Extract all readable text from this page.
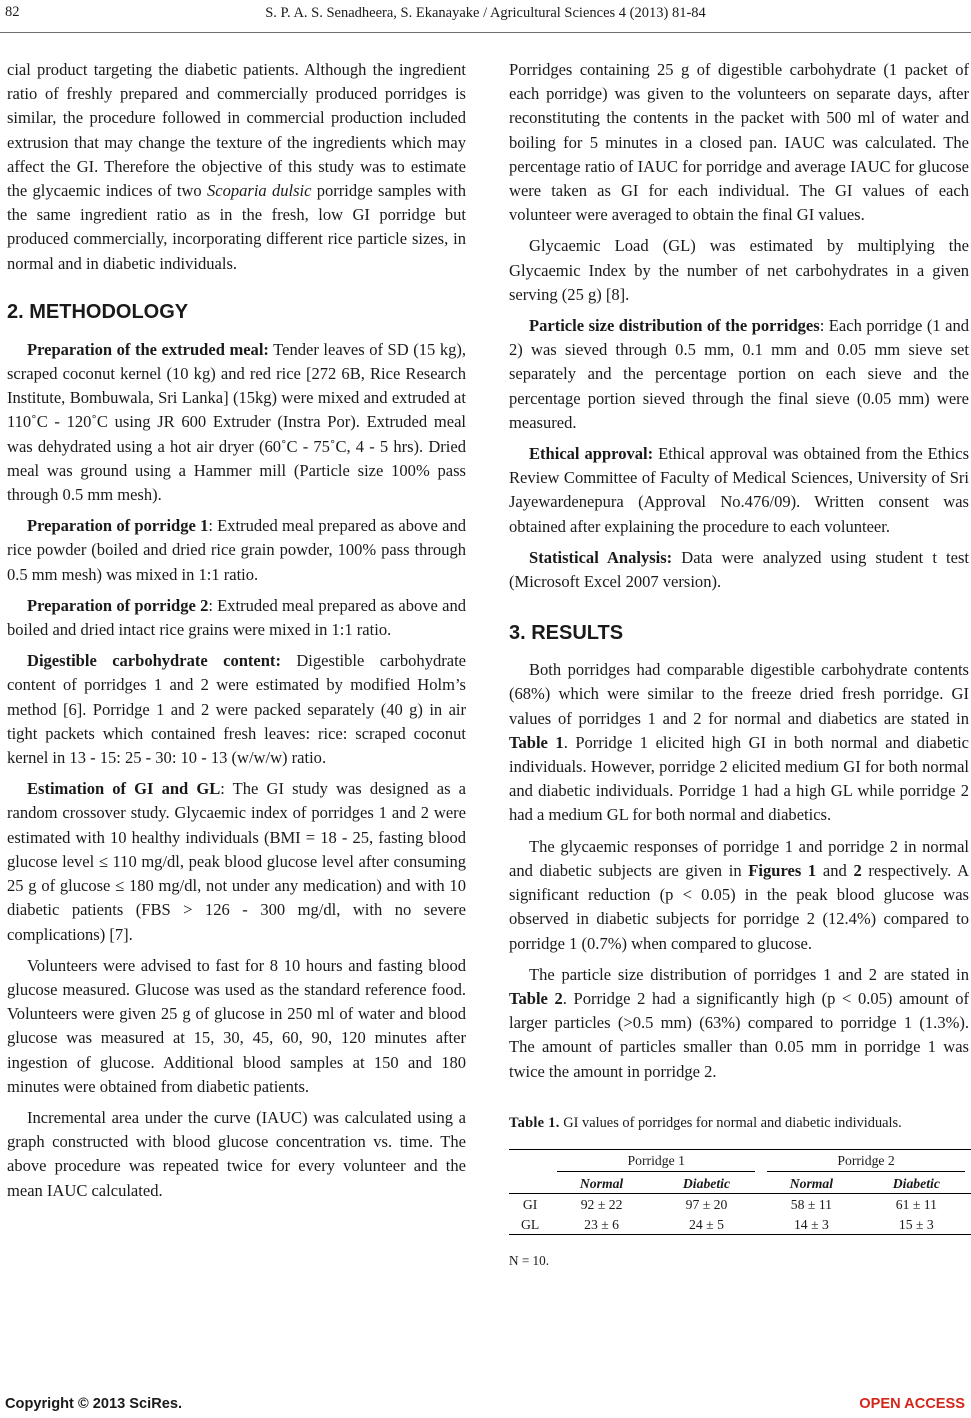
82	S. P. A. S. Senadheera, S. Ekanayake / Agricultural Sciences 4 (2013) 81-84

cial product targeting the diabetic patients. Although the ingredient ratio of freshly prepared and commercially produced porridges is similar, the procedure followed in commercial production included extrusion that may change the texture of the ingredients which may affect the GI. Therefore the objective of this study was to estimate the glycaemic indices of two Scoparia dulsic porridge samples with the same ingredient ratio as in the fresh, low GI porridge but produced commercially, incorporating different rice particle sizes, in normal and in diabetic individuals.

2. METHODOLOGY

Preparation of the extruded meal: Tender leaves of SD (15 kg), scraped coconut kernel (10 kg) and red rice [272 6B, Rice Research Institute, Bombuwala, Sri Lanka] (15kg) were mixed and extruded at 110˚C - 120˚C using JR 600 Extruder (Instra Por). Extruded meal was dehydrated using a hot air dryer (60˚C - 75˚C, 4 - 5 hrs). Dried meal was ground using a Hammer mill (Particle size 100% pass through 0.5 mm mesh).

Preparation of porridge 1: Extruded meal prepared as above and rice powder (boiled and dried rice grain powder, 100% pass through 0.5 mm mesh) was mixed in 1:1 ratio.

Preparation of porridge 2: Extruded meal prepared as above and boiled and dried intact rice grains were mixed in 1:1 ratio.

Digestible carbohydrate content: Digestible carbohydrate content of porridges 1 and 2 were estimated by modified Holm’s method [6]. Porridge 1 and 2 were packed separately (40 g) in air tight packets which contained fresh leaves: rice: scraped coconut kernel in 13 - 15: 25 - 30: 10 - 13 (w/w/w) ratio.

Estimation of GI and GL: The GI study was designed as a random crossover study. Glycaemic index of porridges 1 and 2 were estimated with 10 healthy individuals (BMI = 18 - 25, fasting blood glucose level ≤ 110 mg/dl, peak blood glucose level after consuming 25 g of glucose ≤ 180 mg/dl, not under any medication) and with 10 diabetic patients (FBS > 126 - 300 mg/dl, with no severe complications) [7].

Volunteers were advised to fast for 8 10 hours and fasting blood glucose measured. Glucose was used as the standard reference food. Volunteers were given 25 g of glucose in 250 ml of water and blood glucose was measured at 15, 30, 45, 60, 90, 120 minutes after ingestion of glucose. Additional blood samples at 150 and 180 minutes were obtained from diabetic patients.

Incremental area under the curve (IAUC) was calculated using a graph constructed with blood glucose concentration vs. time. The above procedure was repeated twice for every volunteer and the mean IAUC calculated.

Porridges containing 25 g of digestible carbohydrate (1 packet of each porridge) was given to the volunteers on separate days, after reconstituting the contents in the packet with 500 ml of water and boiling for 5 minutes in a closed pan. IAUC was calculated. The percentage ratio of IAUC for porridge and average IAUC for glucose were taken as GI for each individual. The GI values of each volunteer were averaged to obtain the final GI values.

Glycaemic Load (GL) was estimated by multiplying the Glycaemic Index by the number of net carbohydrates in a given serving (25 g) [8].

Particle size distribution of the porridges: Each porridge (1 and 2) was sieved through 0.5 mm, 0.1 mm and 0.05 mm sieve set separately and the percentage portion on each sieve and the percentage portion sieved through the final sieve (0.05 mm) were measured.

Ethical approval: Ethical approval was obtained from the Ethics Review Committee of Faculty of Medical Sciences, University of Sri Jayewardenepura (Approval No.476/09). Written consent was obtained after explaining the procedure to each volunteer.

Statistical Analysis: Data were analyzed using student t test (Microsoft Excel 2007 version).

3. RESULTS

Both porridges had comparable digestible carbohydrate contents (68%) which were similar to the freeze dried fresh porridge. GI values of porridges 1 and 2 for normal and diabetics are stated in Table 1. Porridge 1 elicited high GI in both normal and diabetic individuals. However, porridge 2 elicited medium GI for both normal and diabetic individuals. Porridge 1 had a high GL while porridge 2 had a medium GL for both normal and diabetics.

The glycaemic responses of porridge 1 and porridge 2 in normal and diabetic subjects are given in Figures 1 and 2 respectively. A significant reduction (p < 0.05) in the peak blood glucose was observed in diabetic subjects for porridge 2 (12.4%) compared to porridge 1 (0.7%) when compared to glucose.

The particle size distribution of porridges 1 and 2 are stated in Table 2. Porridge 2 had a significantly high (p < 0.05) amount of larger particles (>0.5 mm) (63%) compared to porridge 1 (1.3%). The amount of particles smaller than 0.05 mm in porridge 1 was twice the amount in porridge 2.

Table 1. GI values of porridges for normal and diabetic individuals.

	Porridge 1		Porridge 2	

	Normal	Diabetic	Normal	Diabetic
GI	92 ± 22	97 ± 20	58 ± 11	61 ± 11
GL	23 ± 6	24 ± 5	14 ± 3	15 ± 3
N = 10.
Copyright © 2013 SciRes.	OPEN ACCESS
